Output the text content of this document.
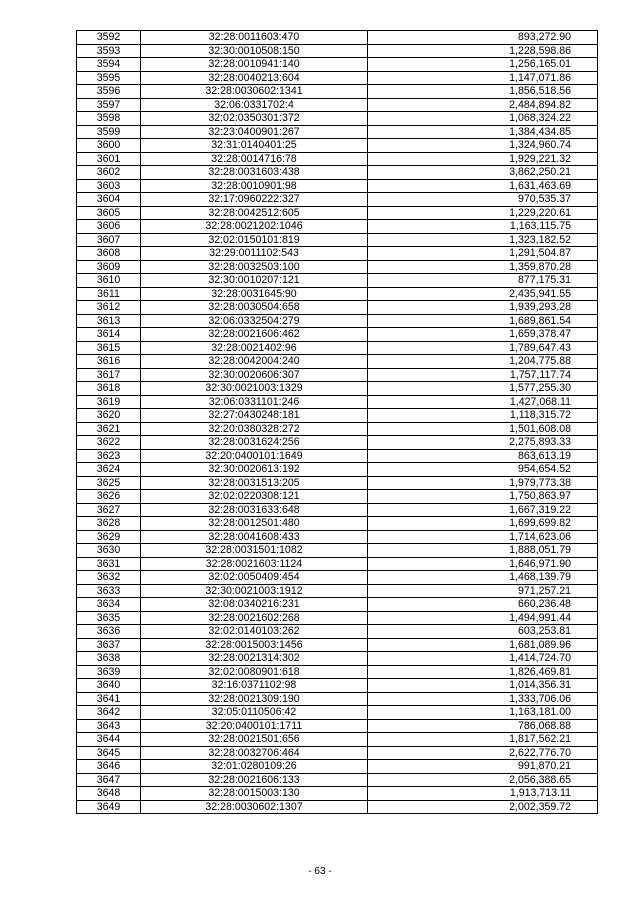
3592	32:28:0011603:470	893,272.90
3593	32:30:0010508:150	1,228,598.86
3594	32:28:0010941:140	1,256,165.01
3595	32:28:0040213:604	1,147,071.86
3596	32:28:0030602:1341	1,856,518.56
3597	32:06:0331702:4	2,484,894.82
3598	32:02:0350301:372	1,068,324.22
3599	32:23:0400901:267	1,384,434.85
3600	32:31:0140401:25	1,324,960.74
3601	32:28:0014716:78	1,929,221.32
3602	32:28:0031603:438	3,862,250.21
3603	32:28:0010901:98	1,631,463.69
3604	32:17:0960222:327	970,535.37
3605	32:28:0042512:605	1,229,220.61
3606	32:28:0021202:1046	1,163,115.75
3607	32:02:0150101:819	1,323,182.52
3608	32:29:0011102:543	1,291,504.87
3609	32:28:0032503:100	1,359,870.28
3610	32:30:0010207:121	877,175.31
3611	32:28:0031645:90	2,435,941.55
3612	32:28:0030504:658	1,939,293.28
3613	32:06:0332504:279	1,689,861.54
3614	32:28:0021606:462	1,659,378.47
3615	32:28:0021402:96	1,789,647.43
3616	32:28:0042004:240	1,204,775.88
3617	32:30:0020606:307	1,757,117.74
3618	32:30:0021003:1329	1,577,255.30
3619	32:06:0331101:246	1,427,068.11
3620	32:27:0430248:181	1,118,315.72
3621	32:20:0380328:272	1,501,608.08
3622	32:28:0031624:256	2,275,893.33
3623	32:20:0400101:1649	863,613.19
3624	32:30:0020613:192	954,654.52
3625	32:28:0031513:205	1,979,773.38
3626	32:02:0220308:121	1,750,863.97
3627	32:28:0031633:648	1,667,319.22
3628	32:28:0012501:480	1,699,699.82
3629	32:28:0041608:433	1,714,623.06
3630	32:28:0031501:1082	1,888,051.79
3631	32:28:0021603:1124	1,646,971.90
3632	32:02:0050409:454	1,468,139.79
3633	32:30:0021003:1912	971,257.21
3634	32:08:0340216:231	660,236.48
3635	32:28:0021602:268	1,494,991.44
3636	32:02:0140103:262	603,253.81
3637	32:28:0015003:1456	1,681,089.96
3638	32:28:0021314:302	1,414,724.70
3639	32:02:0080901:618	1,826,469.81
3640	32:16:0371102:98	1,014,356.31
3641	32:28:0021309:190	1,333,706.06
3642	32:05:0110506:42	1,163,181.00
3643	32:20:0400101:1711	786,068.88
3644	32:28:0021501:656	1,817,562.21
3645	32:28:0032706:464	2,622,776.70
3646	32:01:0280109:26	991,870.21
3647	32:28:0021606:133	2,056,388.65
3648	32:28:0015003:130	1,913,713.11
3649	32:28:0030602:1307	2,002,359.72
- 63 -
